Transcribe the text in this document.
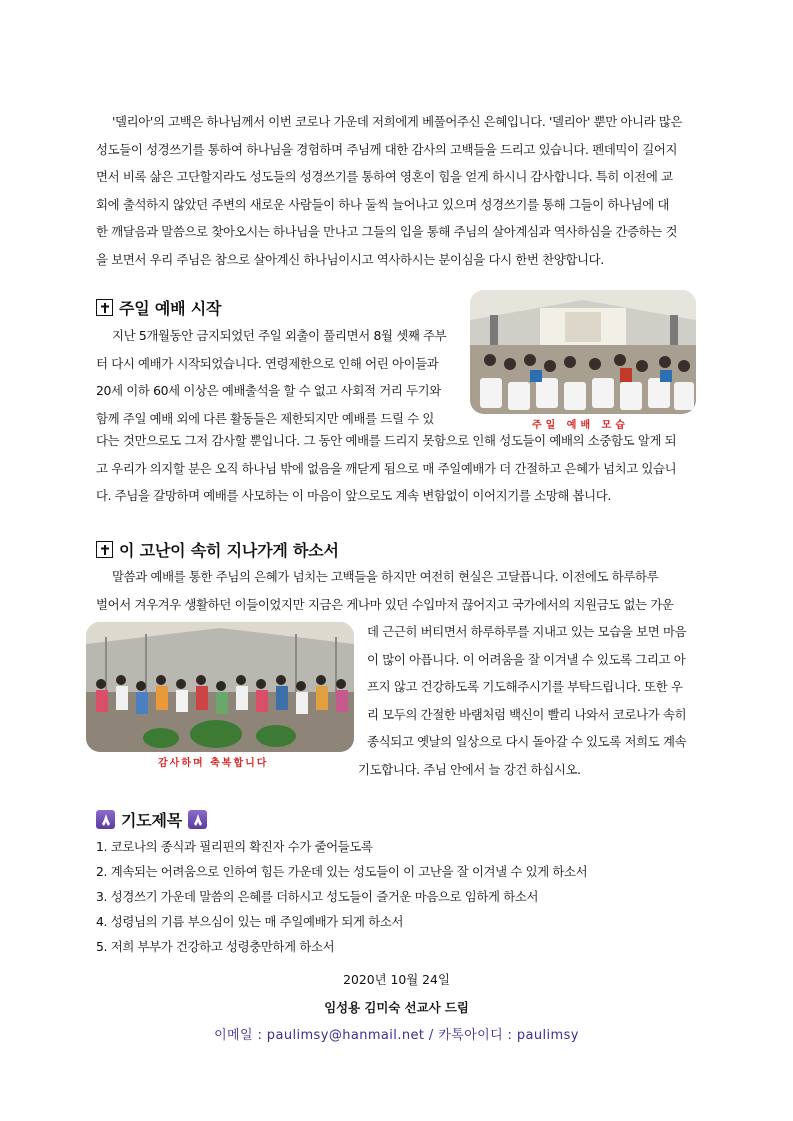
'델리아'의 고백은 하나님께서 이번 코로나 가운데 저희에게 베풀어주신 은혜입니다. '델리아' 뿐만 아니라 많은
성도들이 성경쓰기를 통하여 하나님을 경험하며 주님께 대한 감사의 고백들을 드리고 있습니다. 펜데믹이 길어지
면서 비록 삶은 고단할지라도 성도들의 성경쓰기를 통하여 영혼이 힘을 얻게 하시니 감사합니다. 특히 이전에 교
회에 출석하지 않았던 주변의 새로운 사람들이 하나 둘씩 늘어나고 있으며 성경쓰기를 통해 그들이 하나님에 대
한 깨달음과 말씀으로 찾아오시는 하나님을 만나고 그들의 입을 통해 주님의 살아계심과 역사하심을 간증하는 것
을 보면서 우리 주님은 참으로 살아계신 하나님이시고 역사하시는 분이심을 다시 한번 찬양합니다.
주일 예배 시작
지난 5개월동안 금지되었던 주일 외출이 풀리면서 8월 셋째 주부
터 다시 예배가 시작되었습니다. 연령제한으로 인해 어린 아이들과
20세 이하 60세 이상은 예배출석을 할 수 없고 사회적 거리 두기와
함께 주일 예배 외에 다른 활동들은 제한되지만 예배를 드릴 수 있	주일 예배 모습
다는 것만으로도 그저 감사할 뿐입니다. 그 동안 예배를 드리지 못함으로 인해 성도들이 예배의 소중함도 알게 되
고 우리가 의지할 분은 오직 하나님 밖에 없음을 깨닫게 됨으로 매 주일예배가 더 간절하고 은혜가 넘치고 있습니
다. 주님을 갈망하며 예배를 사모하는 이 마음이 앞으로도 계속 변함없이 이어지기를 소망해 봅니다.
이 고난이 속히 지나가게 하소서
말씀과 예배를 통한 주님의 은혜가 넘치는 고백들을 하지만 여전히 현실은 고달픕니다. 이전에도 하루하루
벌어서 겨우겨우 생활하던 이들이었지만 지금은 게나마 있던 수입마저 끊어지고 국가에서의 지원금도 없는 가운
감사하며 축복합니다
데 근근히 버티면서 하루하루를 지내고 있는 모습을 보면 마음
이 많이 아픕니다. 이 어려움을 잘 이겨낼 수 있도록 그리고 아
프지 않고 건강하도록 기도해주시기를 부탁드립니다. 또한 우
리 모두의 간절한 바램처럼 백신이 빨리 나와서 코로나가 속히
종식되고 옛날의 일상으로 다시 돌아갈 수 있도록 저희도 계속
기도합니다. 주님 안에서 늘 강건 하십시오.
기도제목
1. 코로나의 종식과 필리핀의 확진자 수가 줄어들도록
2. 계속되는 어려움으로 인하여 힘든 가운데 있는 성도들이 이 고난을 잘 이겨낼 수 있게 하소서
3. 성경쓰기 가운데 말씀의 은혜를 더하시고 성도들이 즐거운 마음으로 임하게 하소서
4. 성령님의 기름 부으심이 있는 매 주일예배가 되게 하소서
5. 저희 부부가 건강하고 성령충만하게 하소서
2020년 10월 24일
임성용 김미숙 선교사 드림
이메일 : paulimsy@hanmail.net / 카톡아이디 : paulimsy
